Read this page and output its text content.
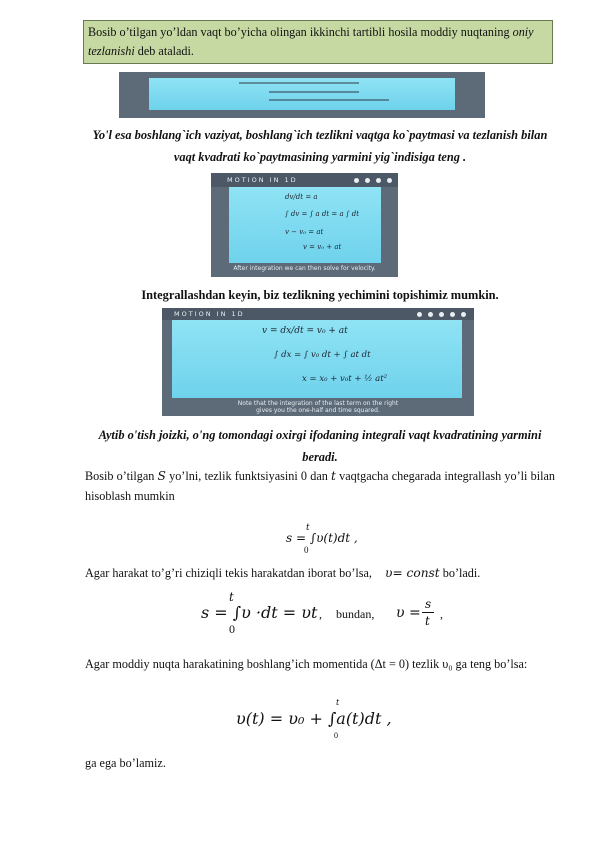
Bosib o’tilgan yo’ldan vaqt bo’yicha olingan ikkinchi tartibli hosila moddiy nuqtaning oniy tezlanishi deb ataladi.
Yo'l esa boshlang`ich vaziyat, boshlang`ich tezlikni vaqtga ko`paytmasi va tezlanish bilan vaqt kvadrati ko`paytmasining yarmini yig`indisiga teng .
MOTION IN 1D
dv/dt = a
∫ dv = ∫ a dt = a ∫ dt
v − v₀ = at
v = v₀ + at
After integration we can then solve for velocity.
Integrallashdan keyin, biz tezlikning yechimini topishimiz mumkin.
MOTION IN 1D
v = dx/dt = v₀ + at
∫ dx = ∫ v₀ dt + ∫ at dt
x = x₀ + v₀t + ½ at²
Note that the integration of the last term on the right
gives you the one-half and time squared.
Aytib o'tish joizki, o'ng tomondagi oxirgi ifodaning integrali vaqt kvadratining yarmini beradi.
Bosib o’tilgan S yo’lni, tezlik funktsiyasini 0 dan t vaqtgacha chegarada integrallash yo’li bilan hisoblash mumkin
t
s = ∫υ(t)dt ,
0
Agar harakat to’g’ri chiziqli tekis harakatdan iborat bo’lsa, υ= const bo’ladi.
t
s = ∫υ ·dt = υt
0
, bundan, υ =
s
t ,
Agar moddiy nuqta harakatining boshlang’ich momentida (Δt = 0) tezlik υ₀ ga teng bo’lsa:
t
υ(t) = υ₀ + ∫a(t)dt ,
0
ga ega bo’lamiz.
